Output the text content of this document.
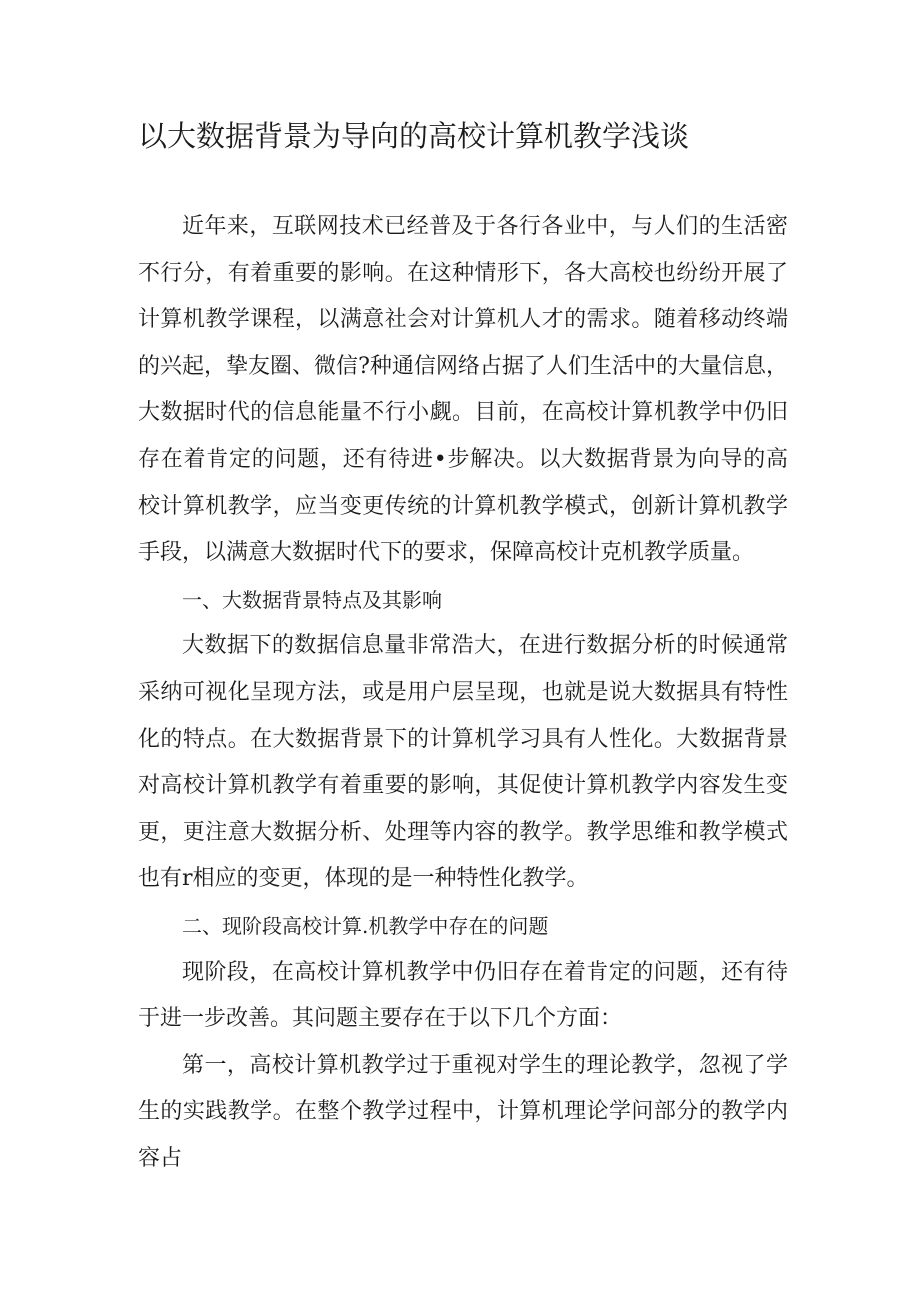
以大数据背景为导向的高校计算机教学浅谈

近年来，互联网技术已经普及于各行各业中，与人们的生活密不行分，有着重要的影响。在这种情形下，各大高校也纷纷开展了计算机教学课程，以满意社会对计算机人才的需求。随着移动终端的兴起，挚友圈、微信?种通信网络占据了人们生活中的大量信息，大数据时代的信息能量不行小觑。目前，在高校计算机教学中仍旧存在着肯定的问题，还有待进•步解决。以大数据背景为向导的高校计算机教学，应当变更传统的计算机教学模式，创新计算机教学手段，以满意大数据时代下的要求，保障高校计克机教学质量。

一、大数据背景特点及其影响

大数据下的数据信息量非常浩大，在进行数据分析的时候通常采纳可视化呈现方法，或是用户层呈现，也就是说大数据具有特性化的特点。在大数据背景下的计算机学习具有人性化。大数据背景对高校计算机教学有着重要的影响，其促使计算机教学内容发生变更，更注意大数据分析、处理等内容的教学。教学思维和教学模式也有r相应的变更，体现的是一种特性化教学。

二、现阶段高校计算.机教学中存在的问题

现阶段，在高校计算机教学中仍旧存在着肯定的问题，还有待于进一步改善。其问题主要存在于以下几个方面：

第一，高校计算机教学过于重视对学生的理论教学，忽视了学生的实践教学。在整个教学过程中，计算机理论学问部分的教学内容占
